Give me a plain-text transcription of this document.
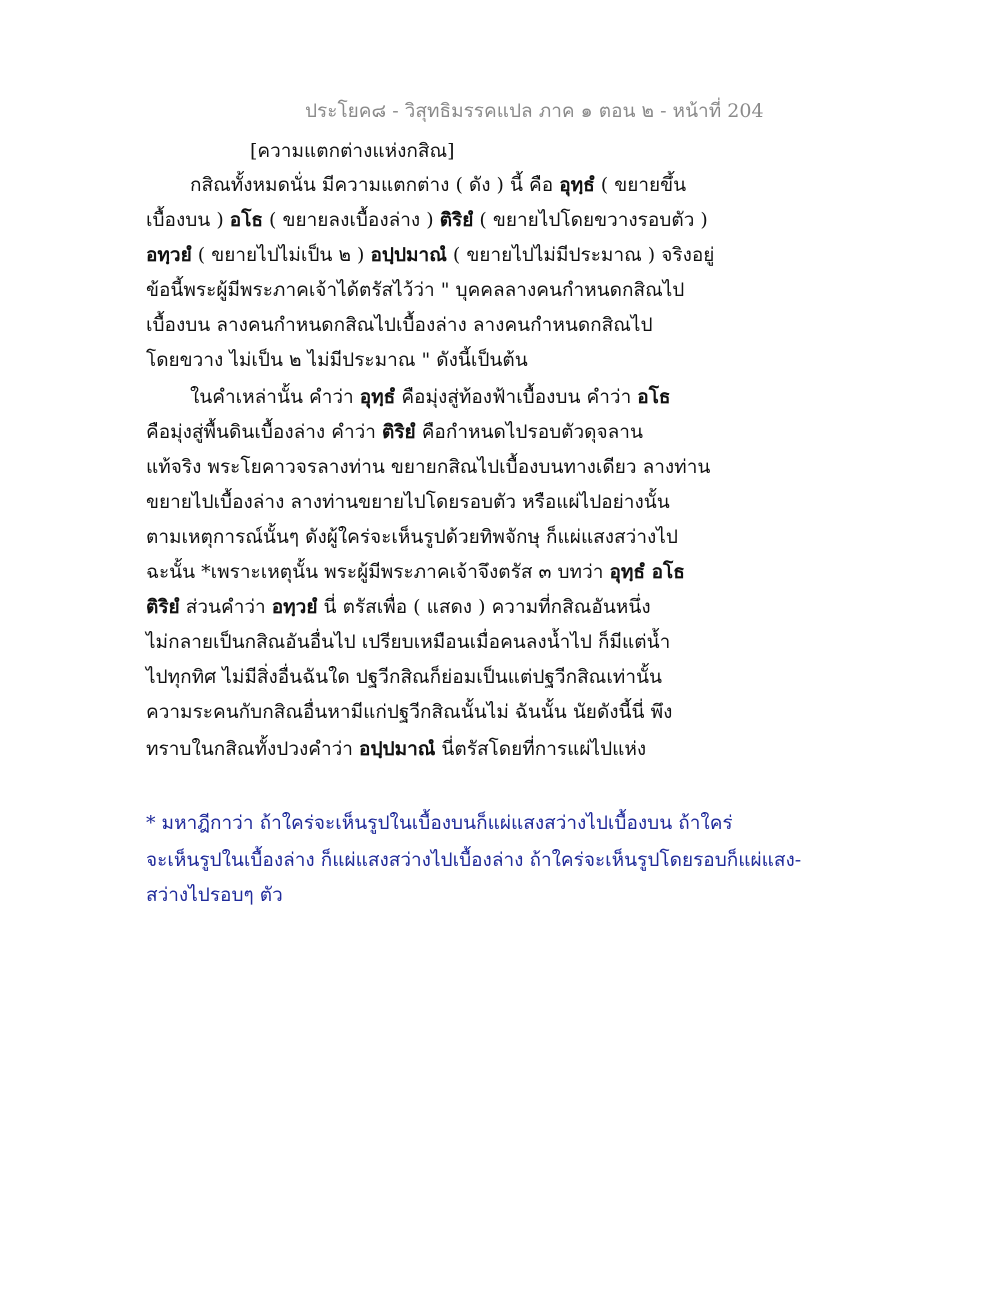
ประโยค๘ - วิสุทธิมรรคแปล ภาค ๑ ตอน ๒ - หน้าที่ 204
[ความแตกต่างแห่งกสิณ]
กสิณทั้งหมดนั่น มีความแตกต่าง ( ดัง ) นี้ คือ อุทฺธํ ( ขยายขึ้น
เบื้องบน ) อโธ ( ขยายลงเบื้องล่าง ) ติริยํ ( ขยายไปโดยขวางรอบตัว )
อทฺวยํ ( ขยายไปไม่เป็น ๒ ) อปฺปมาณํ ( ขยายไปไม่มีประมาณ ) จริงอยู่
ข้อนี้พระผู้มีพระภาคเจ้าได้ตรัสไว้ว่า " บุคคลลางคนกำหนดกสิณไป
เบื้องบน ลางคนกำหนดกสิณไปเบื้องล่าง ลางคนกำหนดกสิณไป
โดยขวาง ไม่เป็น ๒ ไม่มีประมาณ " ดังนี้เป็นต้น
ในคำเหล่านั้น คำว่า อุทฺธํ คือมุ่งสู่ท้องฟ้าเบื้องบน คำว่า อโธ
คือมุ่งสู่พื้นดินเบื้องล่าง คำว่า ติริยํ คือกำหนดไปรอบตัวดุจลาน
แท้จริง พระโยคาวจรลางท่าน ขยายกสิณไปเบื้องบนทางเดียว ลางท่าน
ขยายไปเบื้องล่าง ลางท่านขยายไปโดยรอบตัว หรือแผ่ไปอย่างนั้น
ตามเหตุการณ์นั้นๆ ดังผู้ใคร่จะเห็นรูปด้วยทิพจักษุ ก็แผ่แสงสว่างไป
ฉะนั้น *เพราะเหตุนั้น พระผู้มีพระภาคเจ้าจึงตรัส ๓ บทว่า อุทฺธํ อโธ
ติริยํ ส่วนคำว่า อทฺวยํ นี่ ตรัสเพื่อ ( แสดง ) ความที่กสิณอันหนึ่ง
ไม่กลายเป็นกสิณอันอื่นไป เปรียบเหมือนเมื่อคนลงน้ำไป ก็มีแต่น้ำ
ไปทุกทิศ ไม่มีสิ่งอื่นฉันใด ปฐวีกสิณก็ย่อมเป็นแต่ปฐวีกสิณเท่านั้น
ความระคนกับกสิณอื่นหามีแก่ปฐวีกสิณนั้นไม่ ฉันนั้น นัยดังนี้นี่ พึง
ทราบในกสิณทั้งปวงคำว่า อปฺปมาณํ นี่ตรัสโดยที่การแผ่ไปแห่ง
* มหาฎีกาว่า ถ้าใคร่จะเห็นรูปในเบื้องบนก็แผ่แสงสว่างไปเบื้องบน ถ้าใคร่
จะเห็นรูปในเบื้องล่าง ก็แผ่แสงสว่างไปเบื้องล่าง ถ้าใคร่จะเห็นรูปโดยรอบก็แผ่แสง-
สว่างไปรอบๆ ตัว
